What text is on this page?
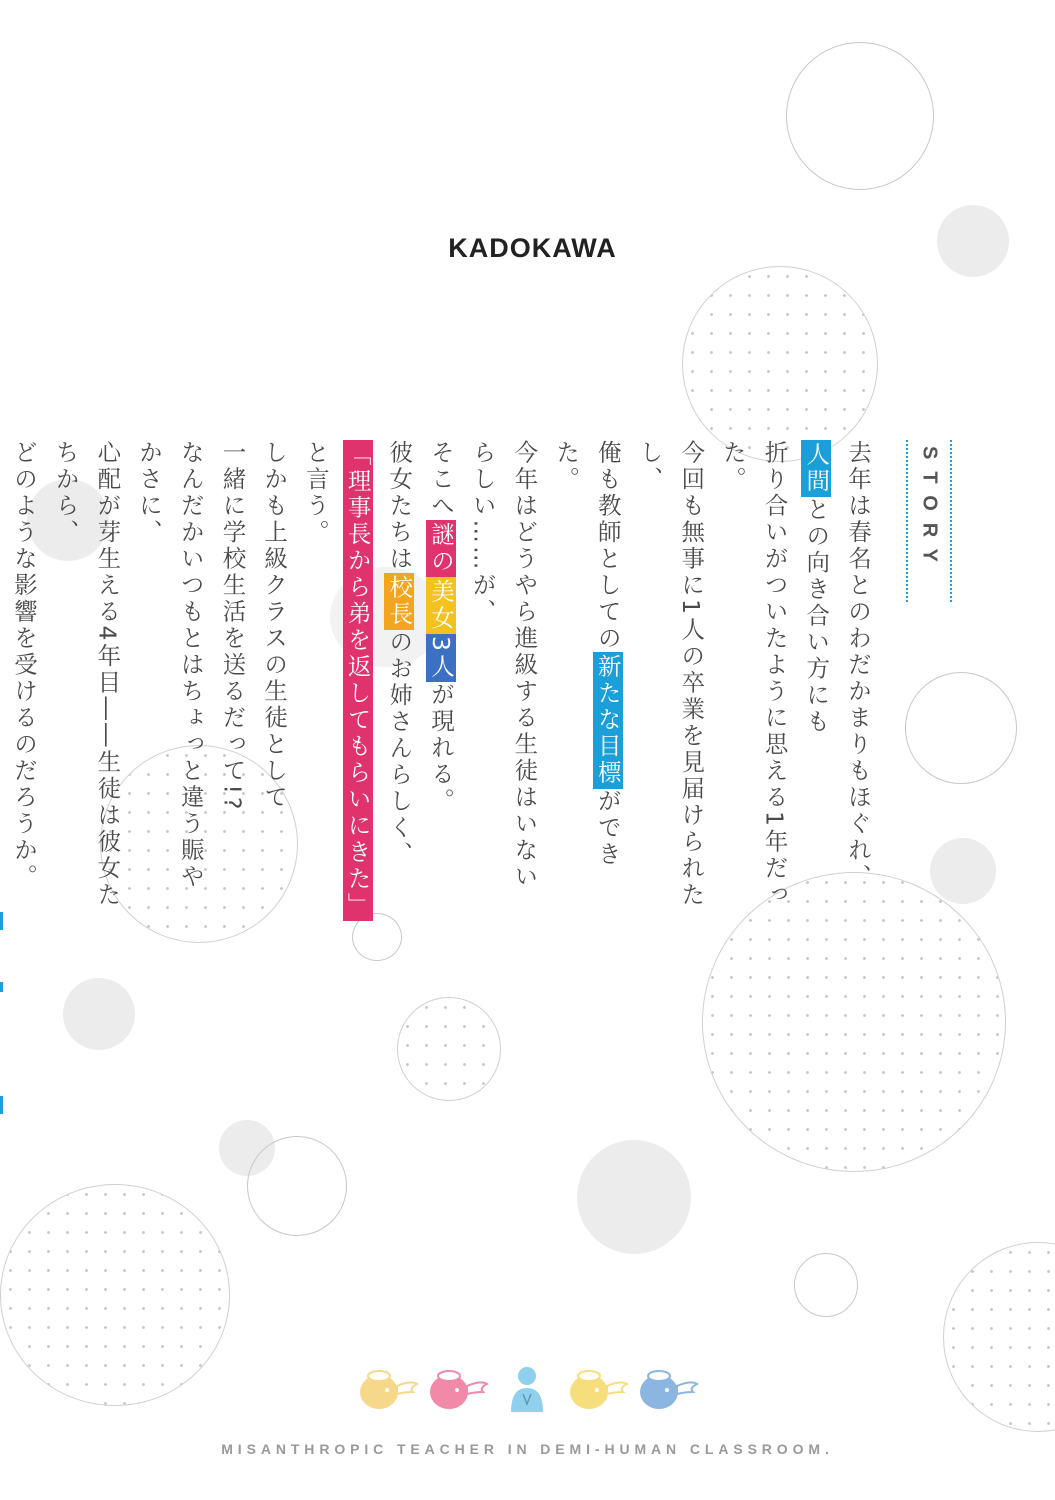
KADOKAWA
STORY

去年は春名とのわだかまりもほぐれ、

人間との向き合い方にも

折り合いがついたように思える1年だった。

今回も無事に1人の卒業を見届けられたし、

俺も教師としての新たな目標ができた。

今年はどうやら進級する生徒はいないらしい……が、

そこへ謎の美女3人が現れる。

彼女たちは校長のお姉さんらしく、

「理事長から弟を返してもらいにきた」と言う。

しかも上級クラスの生徒として

一緒に学校生活を送るだって!?

なんだかいつもとはちょっと違う賑やかさに、

心配が芽生える4年目――生徒は彼女たちから、

どのような影響を受けるのだろうか。

MISANTHROPIC TEACHER IN DEMI-HUMAN CLASSROOM.
